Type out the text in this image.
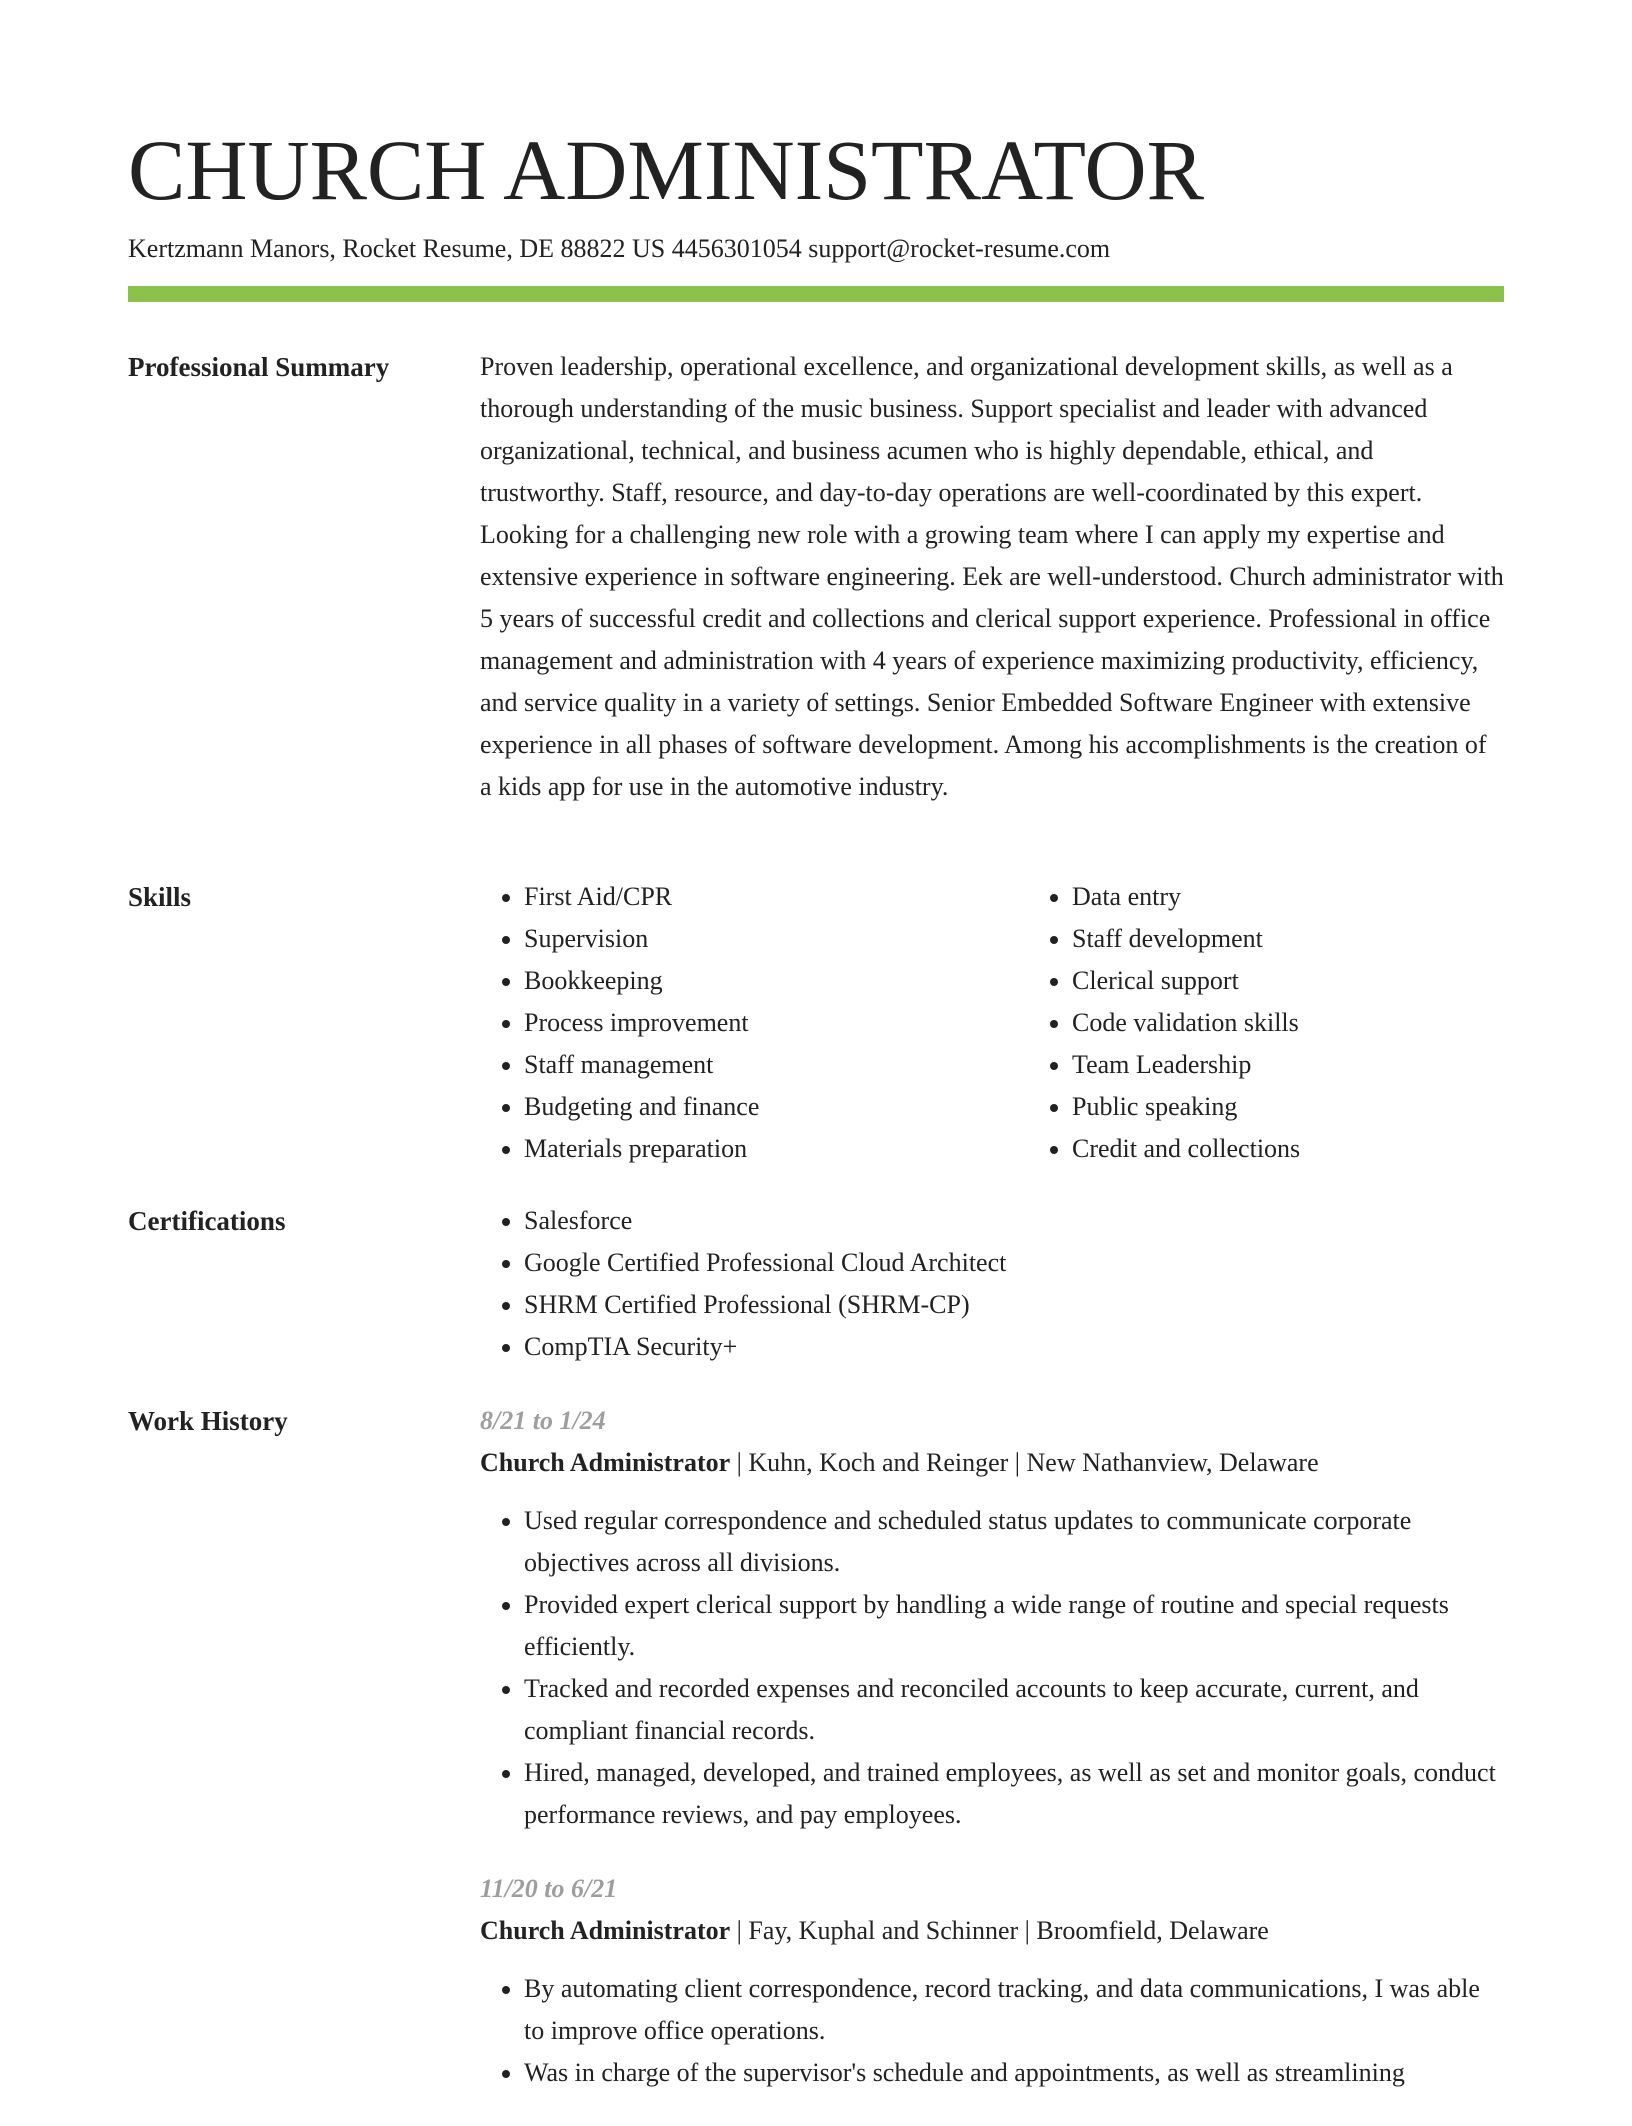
CHURCH ADMINISTRATOR
Kertzmann Manors, Rocket Resume, DE 88822 US 4456301054 support@rocket-resume.com
Professional Summary	Proven leadership, operational excellence, and organizational development skills, as well as a thorough understanding of the music business. Support specialist and leader with advanced organizational, technical, and business acumen who is highly dependable, ethical, and trustworthy. Staff, resource, and day-to-day operations are well-coordinated by this expert. Looking for a challenging new role with a growing team where I can apply my expertise and extensive experience in software engineering. Eek are well-understood. Church administrator with 5 years of successful credit and collections and clerical support experience. Professional in office management and administration with 4 years of experience maximizing productivity, efficiency, and service quality in a variety of settings. Senior Embedded Software Engineer with extensive experience in all phases of software development. Among his accomplishments is the creation of a kids app for use in the automotive industry.

Skills	• First Aid/CPR
• Supervision
• Bookkeeping
• Process improvement
• Staff management
• Budgeting and finance
• Materials preparation
• Data entry
• Staff development
• Clerical support
• Code validation skills
• Team Leadership
• Public speaking
• Credit and collections
Certifications	• Salesforce
• Google Certified Professional Cloud Architect
• SHRM Certified Professional (SHRM-CP)
• CompTIA Security+
Work History	8/21 to 1/24
Church Administrator | Kuhn, Koch and Reinger | New Nathanview, Delaware
• Used regular correspondence and scheduled status updates to communicate corporate objectives across all divisions.
• Provided expert clerical support by handling a wide range of routine and special requests efficiently.
• Tracked and recorded expenses and reconciled accounts to keep accurate, current, and compliant financial records.
• Hired, managed, developed, and trained employees, as well as set and monitor goals, conduct performance reviews, and pay employees.
11/20 to 6/21
Church Administrator | Fay, Kuphal and Schinner | Broomfield, Delaware
• By automating client correspondence, record tracking, and data communications, I was able to improve office operations.
• Was in charge of the supervisor's schedule and appointments, as well as streamlining
